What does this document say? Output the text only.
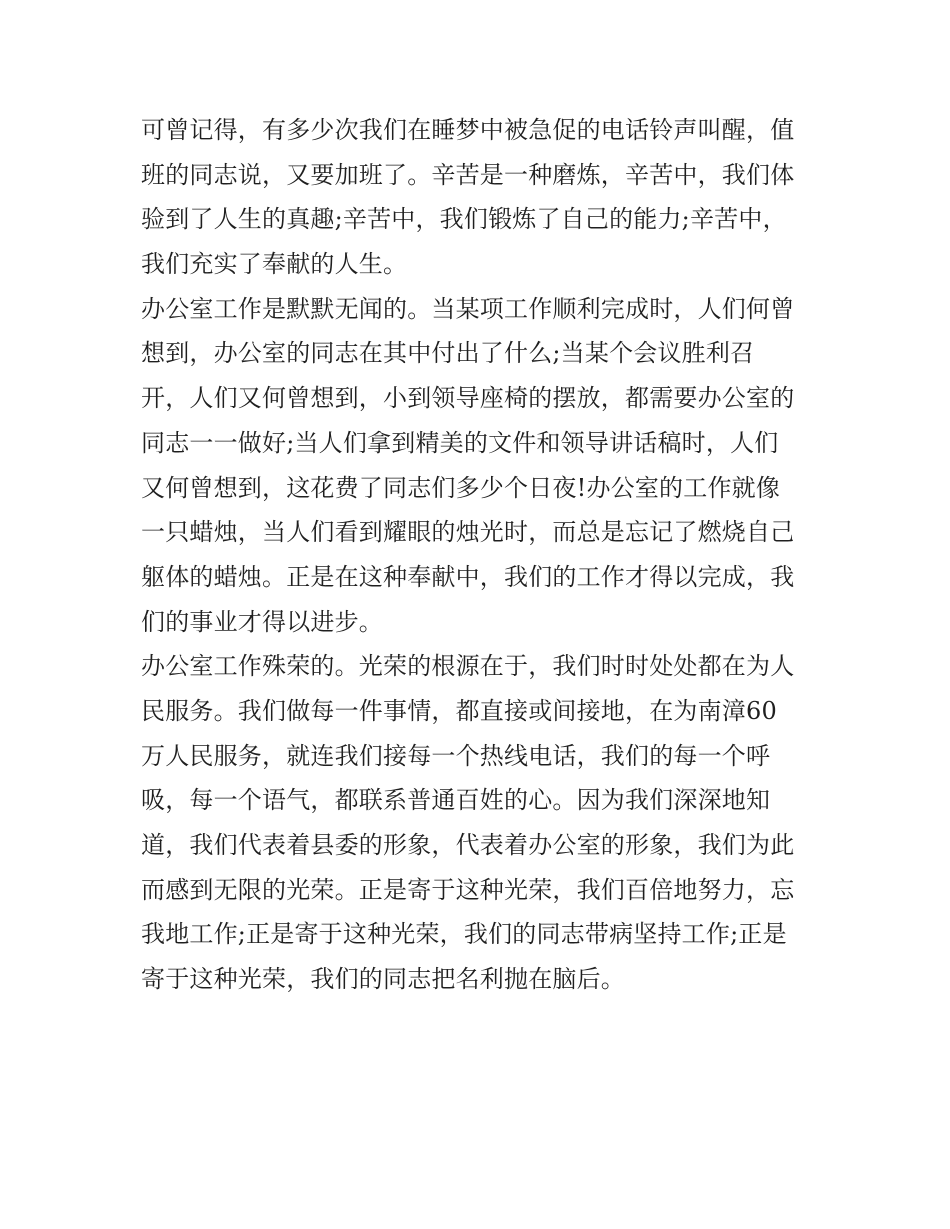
可曾记得，有多少次我们在睡梦中被急促的电话铃声叫醒，值
班的同志说，又要加班了。辛苦是一种磨炼，辛苦中，我们体
验到了人生的真趣;辛苦中，我们锻炼了自己的能力;辛苦中，
我们充实了奉献的人生。
办公室工作是默默无闻的。当某项工作顺利完成时，人们何曾
想到，办公室的同志在其中付出了什么;当某个会议胜利召
开，人们又何曾想到，小到领导座椅的摆放，都需要办公室的
同志一一做好;当人们拿到精美的文件和领导讲话稿时，人们
又何曾想到，这花费了同志们多少个日夜!办公室的工作就像
一只蜡烛，当人们看到耀眼的烛光时，而总是忘记了燃烧自己
躯体的蜡烛。正是在这种奉献中，我们的工作才得以完成，我
们的事业才得以进步。
办公室工作殊荣的。光荣的根源在于，我们时时处处都在为人
民服务。我们做每一件事情，都直接或间接地，在为南漳60
万人民服务，就连我们接每一个热线电话，我们的每一个呼
吸，每一个语气，都联系普通百姓的心。因为我们深深地知
道，我们代表着县委的形象，代表着办公室的形象，我们为此
而感到无限的光荣。正是寄于这种光荣，我们百倍地努力，忘
我地工作;正是寄于这种光荣，我们的同志带病坚持工作;正是
寄于这种光荣，我们的同志把名利抛在脑后。
